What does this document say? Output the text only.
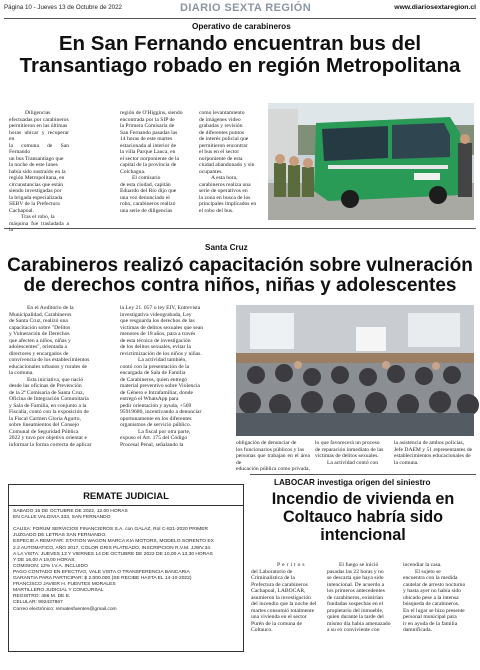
Página 10 - Jueves 13 de Octubre de 2022	DIARIO SEXTA REGIÓN	www.diariosextaregion.cl
Operativo de carabineros
En San Fernando encuentran bus del
Transantiago robado en región Metropolitana
Diligencias
efectuadas por carabineros
permitieron en las últimas
horas ubicar y recuperar en
la comuna de San Fernando
un bus Transantiago que
la noche de este lunes
había sido sustraído en la
región Metropolitana, en
circunstancias que están
siendo investigadas por
la brigada especializada
SEBV de la Prefectura
Cachapoal.
Tras el robo, la
máquina fue trasladada a la
región de O'Higgins, siendo
encontrada por la SIP de
la Primera Comisaría de
San Fernando pasadas las
14 horas de este martes
estacionada al interior de
la villa Parque Lauca, en
el sector norponiente de la
capital de la provincia de
Colchagua.
El comisario
de esta ciudad, capitán
Eduardo del Río dijo que
una vez denunciado el
robo, carabineros realizó
una serie de diligencias
como levantamiento
de imágenes video
grabadas y revisión
de diferentes puntos
de interés policial que
permitieron encontrar
el bus en el sector
norponiente de esta
ciudad abandonado y sin
ocupantes.
A esta hora,
carabineros realiza una
serie de operativos en
la zona en busca de los
principales implicados en
el robo del bus.
Santa Cruz
Carabineros realizó capacitación sobre vulneración
de derechos contra niños, niñas y adolescentes
En el Auditorio de la
Municipalidad, Carabineros
de Santa Cruz, realizó una
capacitación sobre "Delitos
y Vulneración de Derechos
que afecten a niños, niñas y
adolescentes", orientada a
directores y encargados de
convivencia de los establecimientos
educacionales urbanos y rurales de
la comuna.
Esta iniciativa, que nació
desde las oficinas de Prevención
de la 2ª Comisaría de Santa Cruz,
Oficina de Integración Comunitaria
y Sala de Familia, en conjunto a la
Fiscalía, contó con la exposición de
la Fiscal Carmen Gloria Agurto,
sobre lineamientos del Consejo
Comunal de Seguridad Pública
2022 y tuvo por objetivo orientar e
informar la forma correcta de aplicar
la Ley 21. 057 o ley EIV, Entrevista
investigativa videograbada, Ley
que resguarda los derechos de las
víctimas de delitos sexuales que sean
menores de 18 años, para a través
de esta técnica de investigación
de los delitos sexuales, evitar la
revictimización de los niños y niñas.
La actividad también,
contó con la presentación de la
encargada de Sala de Familia
de Carabineros, quien entregó
material preventivo sobre Violencia
de Género e Intrafamiliar, donde
entregó el WhatsApp para
pedir orientación y ayuda, +569
95919680, incentivando a denunciar
oportunamente en los diferentes
organismos de servicio público.
La fiscal por otra parte,
expuso el Art. 175 del Código
Procesal Penal, señalando la	obligación de denunciar de
los funcionarios públicos y las
personas que trabajan en el área de
educación pública como privada,
lo que favorecerá un proceso
de reparación inmediato de las
víctimas de delitos sexuales.
La actividad contó con
la asistencia de ambos policías,
Jefe DAEM y 51 representantes de
establecimientos educacionales de
la comuna.
REMATE JUDICIAL
SABADO 15 DE OCTUBRE DE 2022, 12.00 HORAS
EN CALLE VALDIVIA 333, SAN FERNANDO

CAUSA: FORUM SERVICIOS FINANCIEROS S.A. con GALAZ, Rol C-821-2020 PRIMER
JUZGADO DE LETRAS SAN FERNANDO.
ESPECIE A REMATAR: STATION WAGON MARCA KIA MOTORS, MODELO SORENTO EX
2.2 AUTOMATICO, AÑO 2017, COLOR GRIS PLATEADO, INSCRIPCION R.V.M. JJWV.34.
A LA VISTA: JUEVES 13 Y VIERNES 14 DE OCTUBRE DE 2022 DE 10,00 A 13,30 HORAS
Y DE 16,00 A 19,00 HORAS.
COMISION: 12% I.V.A. INCLUIDO
PAGO CONTADO EN EFECTIVO, VALE VISTA O TRANSFERENCIA BANCARIA
GARANTIA PARA PARTICIPAR: $ 2.000.000 (SE RECIBE HASTA EL 14-10-2022)
FRANCISCO JAVIER H. FUENTES MORALES
MARTILLERO JUDICIAL Y CONCURSAL
REGISTRO: 456 M. DE E.
CELULAR: 992437867
Correo electrónico: rematesfuentes@gmail.com
LABOCAR investiga origen del siniestro
Incendio de vivienda en
Coltauco habría sido
intencional
Peritos
del Laboratorio de
Criminalística de la
Prefectura de carabineros
Cachapoal, LABOCAR,
asumieron la investigación
del incendio que la noche del
martes consumió totalmente
una vivienda en el sector
Purén de la comuna de
Coltauco.
El fuego se inició
pasadas las 22 horas y no
se descarta que haya sido
intencional. De acuerdo a
los primeros antecedentes
de carabineros, existirían
fundadas sospechas en el
propietario del inmueble,
quien durante la tarde del
mismo día había amenazado
a su ex conviviente con
incendiar la casa.
El sujeto se
encuentra con la medida
cautelar de arresto nocturno
y hasta ayer no había sido
ubicado pese a la intensa
búsqueda de carabineros.
En el lugar se hizo presente
personal municipal para
ir en ayuda de la familia
damnificada.
